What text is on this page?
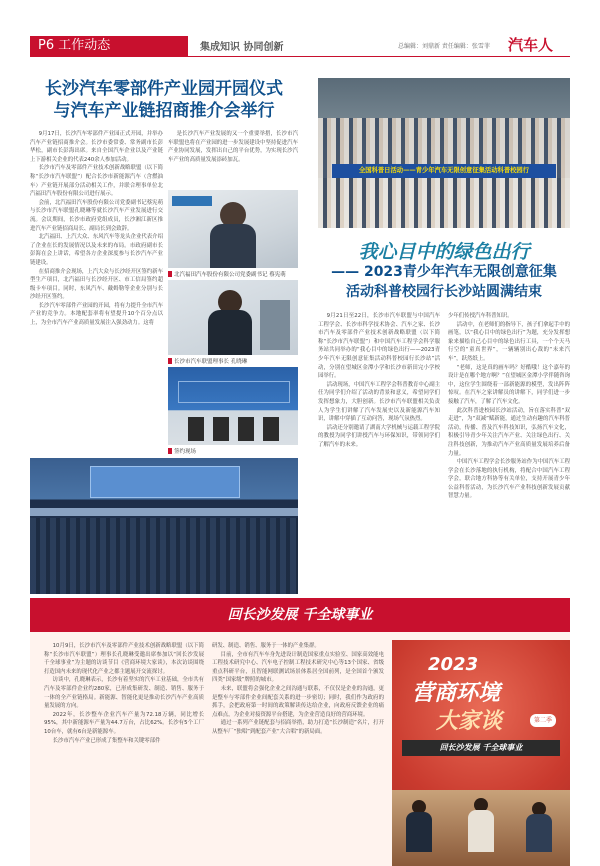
P6 工作动态	集成知识 协同创新	总编辑：刘鼎新 责任编辑：张雪菲 汽车人
长沙汽车零部件产业园开园仪式
与汽车产业链招商推介会举行

9月17日，长沙汽车零部件产业园正式开园，并举办汽车产业链招商推介会。长沙市委常委、常务副市长彭华松，副市长彭海出席。来自全国汽车企业以及产业链上下游相关企业的代表240余人参加活动。

长沙市汽车及零部件产业技术创新战略联盟（以下简称“长沙市汽车联盟”）配合长沙市新能源汽车（含燃油车）产业链开展部分活动相关工作，并联合理事单位北汽福田汽车股份有限公司进行展示。

会前，北汽福田汽车股份有限公司党委副书记蔡宪萌与长沙市汽车联盟孔晓琳等就长沙汽车产业发展进行交流。会议期间，长沙市政府党组成员，长沙湘江新区推进汽车产业链招商局长、副局长到会致辞。

北汽福田、上汽大众、东风汽车等龙头企业代表介绍了企业在长的发展情况以及未来的布局。市政府副市长彭海在会上讲话，希望各方企业深度参与长沙汽车产业链建设。

在招商推介会现场，上汽大众与长沙经开区签约新车型生产项目，北汽福田与长沙经开区、市工信局签约超级卡车项目。同时，东风汽车、戴姆勒等企业分别与长沙经开区签约。

长沙汽车零部件产业园的开园，将有力提升全市汽车产业的竞争力。本地配套率将有望提升10个百分点以上，为全市汽车产业高质量发展注入强劲动力。这将

是长沙汽车产业发展的又一个重要举措，长沙市汽车联盟也将在产业园的进一步发展建设中坚持促进汽车产业协同发展，发挥出自己的平台优势，为实现长沙汽车产业的高质量发展添砖加瓦。

北汽福田汽车股份有限公司党委副书记 蔡宪萌
长沙市汽车联盟理事长 孔晓琳
签约现场
全国科普日活动——青少年汽车无限创意征集活动科普校园行
我心目中的绿色出行
—— 2023青少年汽车无限创意征集
活动科普校园行长沙站圆满结束

9月21日至22日，长沙市汽车联盟与中国汽车工程学会、长沙市科学技术协会、汽车之家、长沙市汽车及零部件产业技术创新战略联盟（以下简称“长沙市汽车联盟”）和中国汽车工程学会科学服务站共同举办的“我心目中的绿色出行——2023青少年汽车无限创意征集活动科普校园行长沙站”活动，分别在望城区金潭小学和长沙市新田完小学校园举行。

活动现场，中国汽车工程学会科普教育中心副主任为同学们介绍了活动的背景和意义，希望同学们发挥想象力，大胆创新。长沙市汽车联盟相关负责人为学生们讲解了汽车发展史以及新能源汽车知识，讲解中穿插了互动问答，现场气氛热烈。

活动还分别邀请了湖南大学机械与运载工程学院的教授为同学们讲授汽车与环保知识，带领同学们了解汽车的未来。

少年们传授汽车科普知识。

活动中，在老师们的指导下，孩子们拿起手中的画笔，以“我心目中的绿色出行”为题，充分发挥想象来描绘自己心目中的绿色出行工具，一个个天马行空的“童真世界”，一辆辆别出心裁的“未来汽车”，跃然纸上。

“老师，这是真的画车吗？好酷哦！这个嘉年的设计是在哪个地方啊？”在望城区金潭小学伴随咨询中，这位学生围绕着一部新能源的模型，发出阵阵惊叹。在汽车之家讲解员的讲解下，同学们进一步接触了汽车，了解了汽车文化。

此次科普进校园长沙站活动，旨在落实科普“双走进”，为“双减”赋新能，通过生动有趣的汽车科普活动，传播、普及汽车科技知识，弘扬汽车文化，积极引导青少年关注汽车产业、关注绿色出行、关注科技创新，为推动汽车产业高质量发展培养后备力量。

中国汽车工程学会长沙服务站作为中国汽车工程学会在长沙落地的执行机构，将配合中国汽车工程学会，联合地方科协等有关单位，支持开展青少年公益科普活动，为长沙汽车产业科技创新发展贡献智慧力量。

回长沙发展 千全球事业

10月9日，长沙市汽车及零部件产业技术创新战略联盟（以下简称“长沙市汽车联盟”）理事长孔晓琳受邀出席参加以“回长沙发展 千全球事业”为主题的访谈节目《营商环境大家谈》，本次访谈围绕打造国内未来的现代化产业之都主题展开交流探讨。

访谈中，孔晓琳表示，长沙有着坚实的汽车工业基础，全市共有汽车及零部件企业约280家，已形成集研发、制造、销售、服务于一体的全产业链格局。新能源、智能化更是推动长沙汽车产业高质量发展的方向。

2022年，长沙整车企业汽车产量为72.18万辆，同比增长95%，其中新能源车产量为44.7万台，占比62%。长沙有5个工厂10台车，就有6台是新能源车。

长沙市汽车产业已形成了集整车和关键零部件

研发、制造、销售、服务于一体的产业集群。

目前，全市有汽车车身先进设计制造国家重点实验室、国家高效能电工程技术研究中心、汽车电子控制工程技术研究中心等13个国家、省级重点科研平台，且智能网联测试场景体系居全国前列，是全国首个颁发四类“国家级”牌照的城市。

未来，联盟将会强化企业之间沟通与联系，不仅仅是企业的沟通，更是整车与零部件企业间配套关系的进一步密切；同时，我们作为政府的抓手，会把政府第一时间的政策解读传达给企业，向政府反馈企业的痛点难点，为企业对接资源平台搭建，为企业营造良好的营商环境。

通过一系列产业链配套与招商举措，助力打造“长沙制造”名片，打开从整车厂“独唱”到配套产业“大合唱”的新局面。

2023
营商环境
大家谈	第二季
回长沙发展 千全球事业
